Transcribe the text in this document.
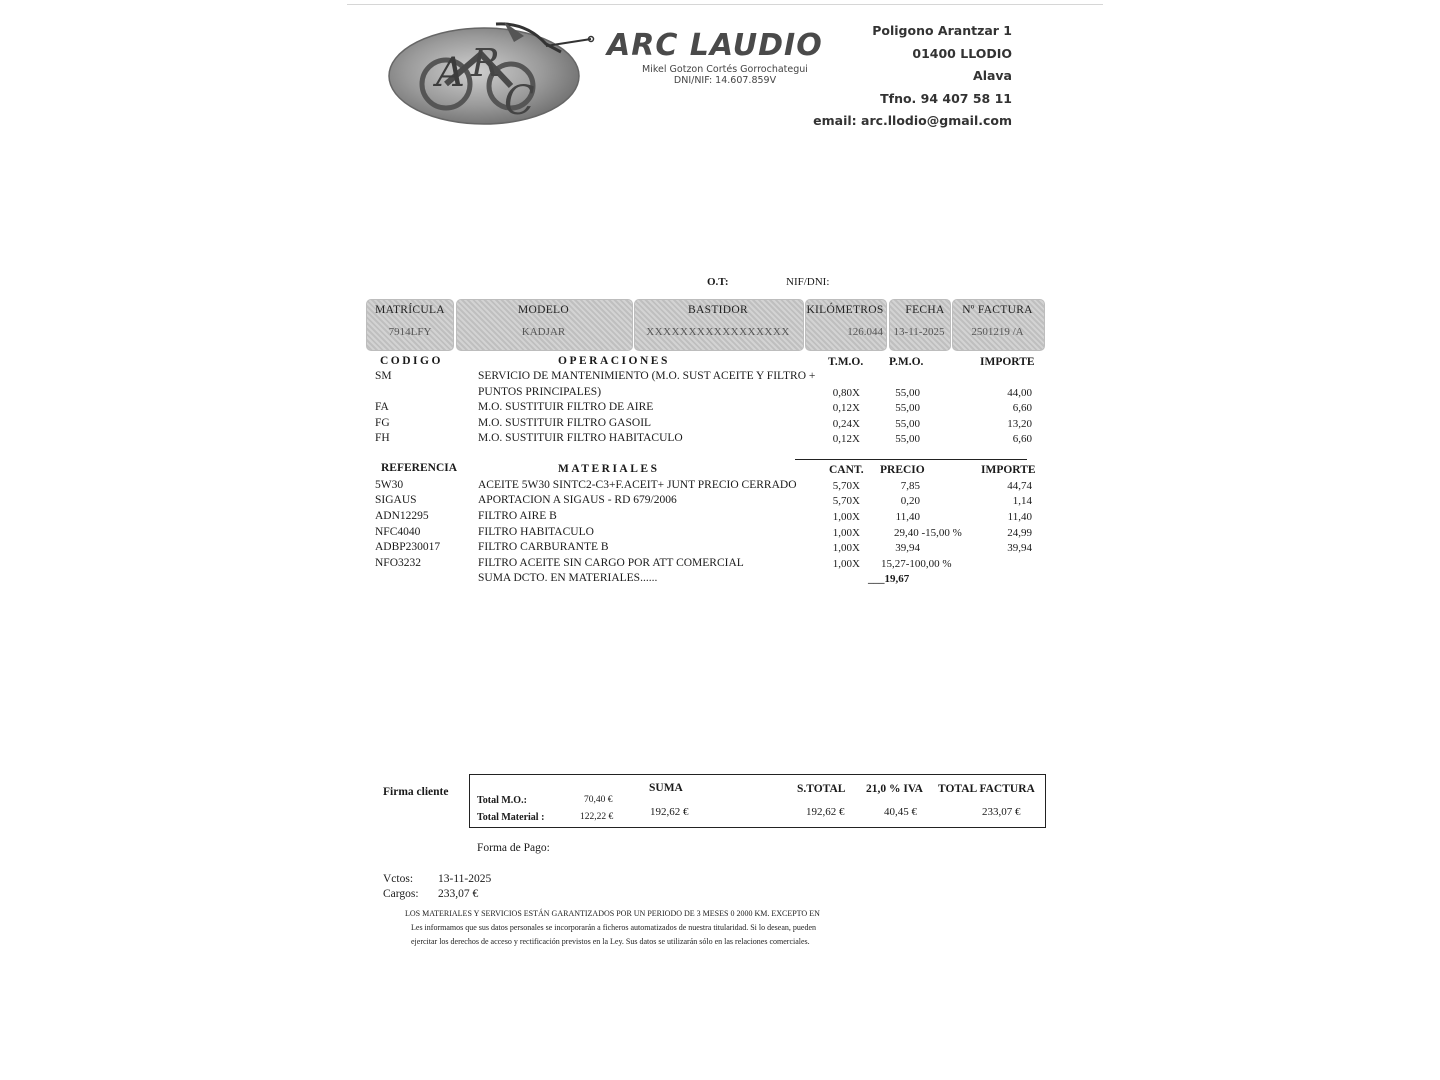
A R
C
ARC LAUDIO
Mikel Gotzon Cortés Gorrochategui
DNI/NIF: 14.607.859V
Poligono Arantzar 1
01400 LLODIO
Alava
Tfno. 94 407 58 11
email: arc.llodio@gmail.com
O.T:	NIF/DNI:
MATRÍCULA	MODELO	BASTIDOR	KILÓMETROS	FECHA	Nº FACTURA
7914LFY	KADJAR	XXXXXXXXXXXXXXXXX	126.044 13-11-2025	2501219 /A
CODIGO	OPERACIONES	T.M.O. P.M.O.	IMPORTE
SM	SERVICIO DE MANTENIMIENTO (M.O. SUST ACEITE Y FILTRO +
PUNTOS PRINCIPALES)	0,80X	55,00	44,00
FA	M.O. SUSTITUIR FILTRO DE AIRE	0,12X	55,00	6,60
FG	M.O. SUSTITUIR FILTRO GASOIL	0,24X	55,00	13,20
FH	M.O. SUSTITUIR FILTRO HABITACULO	0,12X	55,00	6,60
REFERENCIA	MATERIALES	CANT. PRECIO	IMPORTE
5W30	ACEITE 5W30 SINTC2-C3+F.ACEIT+ JUNT PRECIO CERRADO	5,70X	7,85	44,74
SIGAUS	APORTACION A SIGAUS - RD 679/2006	5,70X	0,20	1,14
ADN12295	FILTRO AIRE B	1,00X	11,40	11,40
NFC4040	FILTRO HABITACULO	1,00X	29,40 -15,00 %	24,99
ADBP230017	FILTRO CARBURANTE B	1,00X	39,94	39,94
NFO3232	FILTRO ACEITE SIN CARGO POR ATT COMERCIAL	1,00X 15,27-100,00 %
SUMA DCTO. EN MATERIALES......	___19,67
Firma cliente
Total M.O.:	70,40 €
Total Material :	122,22 €
SUMA
192,62 €
S.TOTAL
192,62 €
21,0 % IVA
40,45 €
TOTAL FACTURA
233,07 €
Forma de Pago:
Vctos: 13-11-2025
Cargos: 233,07 €
LOS MATERIALES Y SERVICIOS ESTÁN GARANTIZADOS POR UN PERIODO DE 3 MESES 0 2000 KM. EXCEPTO EN
Les informamos que sus datos personales se incorporarán a ficheros automatizados de nuestra titularidad. Si lo desean, pueden
ejercitar los derechos de acceso y rectificación previstos en la Ley. Sus datos se utilizarán sólo en las relaciones comerciales.
